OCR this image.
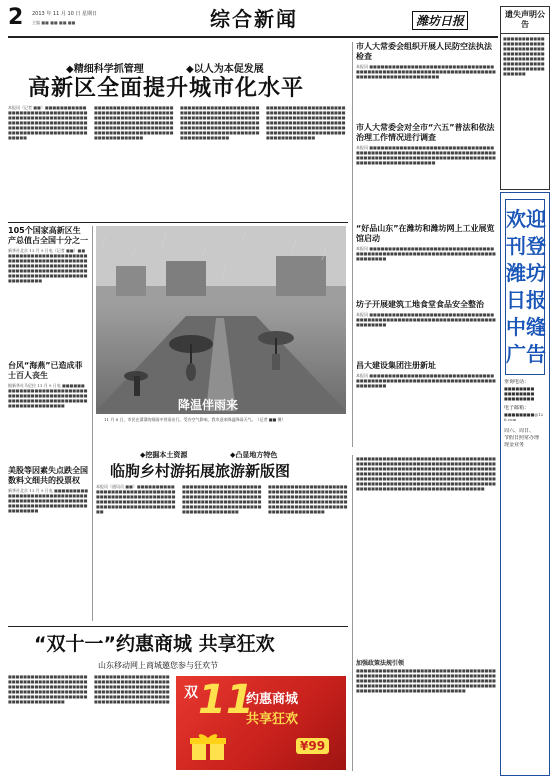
2 2013 年 11 月 10 日 星期日
主编 ■■ ■■ ■■ ■■	综合新闻	潍坊日报	遗失声明公告
■■■■■■■■■■■■■■■■■■■■■■■■■■■■■■■■■■■■■■■■■■■■■■■■■■■■■■■■■■■■■■■■■■■■■■■■■■■■■■■■■■■
◆精细科学抓管理	◆以人为本促发展
高新区全面提升城市化水平
本报讯（记者 ■■）■■■■■■■■■■■■■■■■■■■■■■■■■■■■■■■■■■■■■■■■■■■■■■■■■■■■■■■■■■■■■■■■■■■■■■■■■■■■■■■■■■■■■■■■■■■■■■■■■■■■■■■■■■■■■■■■■■■■■■■■■
■■■■■■■■■■■■■■■■■■■■■■■■■■■■■■■■■■■■■■■■■■■■■■■■■■■■■■■■■■■■■■■■■■■■■■■■■■■■■■■■■■■■■■■■■■■■■■■■■■■■■■■■■■■■■■■■■■■■■■■■■■■■■■■■■■■■■■■■■■■
■■■■■■■■■■■■■■■■■■■■■■■■■■■■■■■■■■■■■■■■■■■■■■■■■■■■■■■■■■■■■■■■■■■■■■■■■■■■■■■■■■■■■■■■■■■■■■■■■■■■■■■■■■■■■■■■■■■■■■■■■■■■■■■■■■■■■■■■■■■
■■■■■■■■■■■■■■■■■■■■■■■■■■■■■■■■■■■■■■■■■■■■■■■■■■■■■■■■■■■■■■■■■■■■■■■■■■■■■■■■■■■■■■■■■■■■■■■■■■■■■■■■■■■■■■■■■■■■■■■■■■■■■■■■■■■■■■■■■■■
市人大常委会组织开展人民防空法执法检查
本报讯 ■■■■■■■■■■■■■■■■■■■■■■■■■■■■■■■■■■■■■■■■■■■■■■■■■■■■■■■■■■■■■■■■■■■■■■■■■■■■■■■■■■■■■■■■■■■■
市人大常委会对全市“六五”普法和依法治理工作情况进行调查
本报讯 ■■■■■■■■■■■■■■■■■■■■■■■■■■■■■■■■■■■■■■■■■■■■■■■■■■■■■■■■■■■■■■■■■■■■■■■■■■■■■■■■■■■■■■■■■■■■■■■■■■■■■■■■■■■■■■■■■■■■■■■■■■■■■■■■
“好品山东”在潍坊和潍坊网上工业展览馆启动
本报讯 ■■■■■■■■■■■■■■■■■■■■■■■■■■■■■■■■■■■■■■■■■■■■■■■■■■■■■■■■■■■■■■■■■■■■■■■■■■■■■■
坊子开展建筑工地食堂食品安全整治
本报讯 ■■■■■■■■■■■■■■■■■■■■■■■■■■■■■■■■■■■■■■■■■■■■■■■■■■■■■■■■■■■■■■■■■■■■■■■■■■■■■■
昌大建设集团注册新址
本报讯 ■■■■■■■■■■■■■■■■■■■■■■■■■■■■■■■■■■■■■■■■■■■■■■■■■■■■■■■■■■■■■■■■■■■■■■■■■■■■■■
105个国家高新区生产总值占全国十分之一
新华社北京 11 月 9 日电（记者 ■■）■■■■■■■■■■■■■■■■■■■■■■■■■■■■■■■■■■■■■■■■■■■■■■■■■■■■■■■■■■■■■■■■■■■■■■■■■■■■■■■■■■■■■■■■■■■■■■■■■■■■■■■■■■■■■■■■■■■■
台风“海燕”已造成菲士百人丧生
据新华社马尼拉 11 月 9 日电 ■■■■■■■■■■■■■■■■■■■■■■■■■■■■■■■■■■■■■■■■■■■■■■■■■■■■■■■■■■■■■■■■■■■■■■■■■■■■■■■■■■■■
美股等因素失点跌全国数料文细共的投票权
新华社北京 11 月 9 日电 ■■■■■■■■■■■■■■■■■■■■■■■■■■■■■■■■■■■■■■■■■■■■■■■■■■■■■■■■■■■■■■■■■■■■■■■■■■■■■■■■
降温伴雨来
11 月 8 日，市民在濛濛的细雨中冒雨出行。受冷空气影响，我市迎来降温降雨天气。（记者 ■■ 摄）
◆挖掘本土资源	◆凸显地方特色
临朐乡村游拓展旅游新版图
本报讯（通讯员 ■■）■■■■■■■■■■■■■■■■■■■■■■■■■■■■■■■■■■■■■■■■■■■■■■■■■■■■■■■■■■■■■■■■■■■■■■■■■■■■■■■■■■■■■■■■■■■■■■■■
■■■■■■■■■■■■■■■■■■■■■■■■■■■■■■■■■■■■■■■■■■■■■■■■■■■■■■■■■■■■■■■■■■■■■■■■■■■■■■■■■■■■■■■■■■■■■■■■■■■■■■■■■■■■■■■■■■■■■■■■
■■■■■■■■■■■■■■■■■■■■■■■■■■■■■■■■■■■■■■■■■■■■■■■■■■■■■■■■■■■■■■■■■■■■■■■■■■■■■■■■■■■■■■■■■■■■■■■■■■■■■■■■■■■■■■■■■■■■■■■■
■■■■■■■■■■■■■■■■■■■■■■■■■■■■■■■■■■■■■■■■■■■■■■■■■■■■■■■■■■■■■■■■■■■■■■■■■■■■■■■■■■■■■■■■■■■■■■■■■■■■■■■■■■■■■■■■■■■■■■■■■■■■■■■■■■■■■■■■■■■■■■■■■■■■■■■■■■■■■■■■■■■■■■■■■■■■■■■■■■■■■■■■■■■■■■■■■■■■■■■■■■■■■■■■■■■■■■■■■■■■■■■■■■■■■■■■■■■■■■■■■■■■■■■■■■■■■■■■
加强政策法规引领
■■■■■■■■■■■■■■■■■■■■■■■■■■■■■■■■■■■■■■■■■■■■■■■■■■■■■■■■■■■■■■■■■■■■■■■■■■■■■■■■■■■■■■■■■■■■■■■■■■■■■■■■■■■■■■■■■■■■■■■■■■■■■■■■■■■■■■■■■■■■■■■■■■■■■■■■■■■■■■■■■■■■■■■■■■■■■■■■■
“双十一”约惠商城 共享狂欢
山东移动网上商城邀您参与狂欢节
■■■■■■■■■■■■■■■■■■■■■■■■■■■■■■■■■■■■■■■■■■■■■■■■■■■■■■■■■■■■■■■■■■■■■■■■■■■■■■■■■■■■■■■■■■■■■■■■■■■■■■■■■■■■■■■■■■■■■■■■
■■■■■■■■■■■■■■■■■■■■■■■■■■■■■■■■■■■■■■■■■■■■■■■■■■■■■■■■■■■■■■■■■■■■■■■■■■■■■■■■■■■■■■■■■■■■■■■■■■■■■■■■■■■■■■■■■■■■■■■■
双 11
约惠商城
共享狂欢
¥99
欢迎刊登潍坊日报中缝广告
垂询电话：
■■■■■■■■
■■■■■■■■
■■■■■■■■
电子邮箱：
■■■■■■■■@126.com
周六、周日、
节假日照常办理
现金业务
